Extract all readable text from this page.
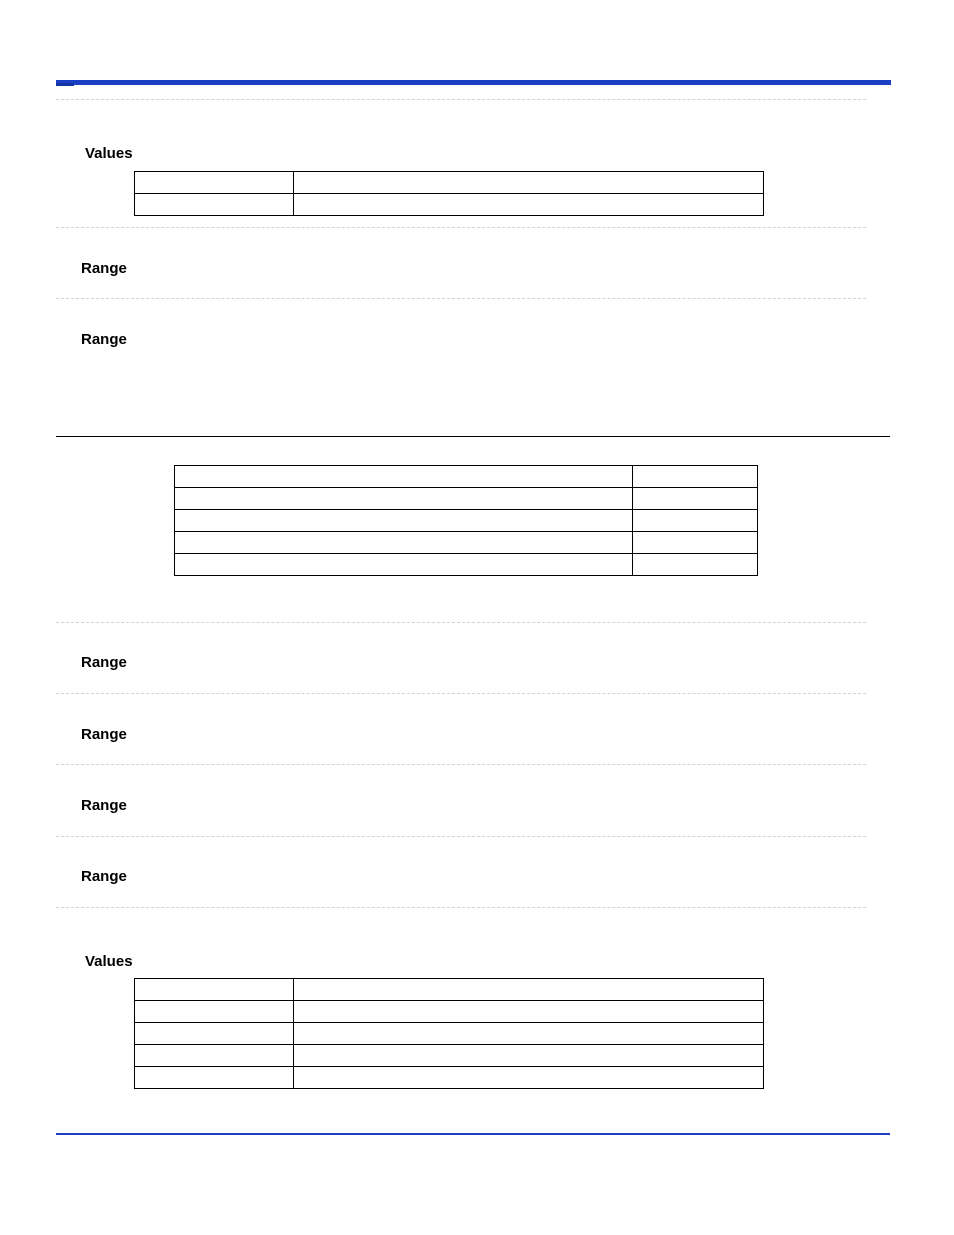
Values

Range
Range

Range
Range
Range
Range
Values
